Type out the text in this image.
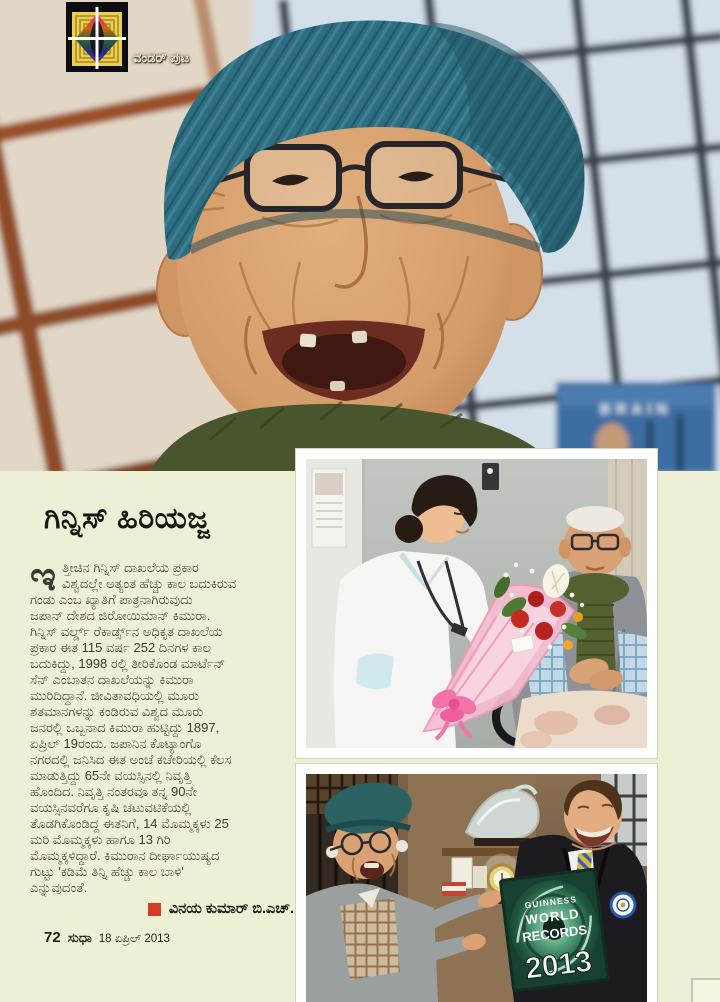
BRAIN
ವಂಡರ್ ಪುಟ
ಗಿನ್ನಿಸ್ ಹಿರಿಯಜ್ಜ
ಇ ತ್ತೀಚಿನ ಗಿನ್ನಿಸ್ ದಾಖಲೆಯ ಪ್ರಕಾರ
ವಿಶ್ವದಲ್ಲೇ ಅತ್ಯಂತ ಹೆಚ್ಚು ಕಾಲ ಬದುಕಿರುವ
ಗಂಡು ಎಂಬ ಖ್ಯಾತಿಗೆ ಪಾತ್ರನಾಗಿರುವುದು
ಜಪಾನ್ ದೇಶದ ಜಿರೋಯಿಮಾನ್ ಕಿಮುರಾ.
ಗಿನ್ನಿಸ್ ವರ್ಲ್ಡ್ ರೆಕಾರ್ಡ್ಸ್‌ನ ಅಧಿಕೃತ ದಾಖಲೆಯ
ಪ್ರಕಾರ ಈತ 115 ವರ್ಷ 252 ದಿನಗಳ ಕಾಲ
ಬದುಕಿದ್ದು, 1998 ರಲ್ಲಿ ತೀರಿಕೊಂಡ ಮಾರ್ಟೆನ್
ಸೆನ್ ಎಂಬಾತನ ದಾಖಲೆಯನ್ನು ಕಿಮುರಾ
ಮುರಿದಿದ್ದಾನೆ. ಜೀವಿತಾವಧಿಯಲ್ಲಿ ಮೂರು
ಶತಮಾನಗಳನ್ನು ಕಂಡಿರುವ ವಿಶ್ವದ ಮೂರು
ಜನರಲ್ಲಿ ಒಬ್ಬನಾದ ಕಿಮುರಾ ಹುಟ್ಟಿದ್ದು 1897,
ಏಪ್ರಿಲ್ 19ರಂದು. ಜಪಾನಿನ ಕೊಟ್ಯಾಂಗೊ
ನಗರದಲ್ಲಿ ಜನಿಸಿದ ಈತ ಅಂಚೆ ಕಚೇರಿಯಲ್ಲಿ ಕೆಲಸ
ಮಾಡುತ್ತಿದ್ದು 65ನೇ ವಯಸ್ಸಿನಲ್ಲಿ ನಿವೃತ್ತಿ
ಹೊಂದಿದ. ನಿವೃತ್ತಿ ನಂತರವೂ ತನ್ನ 90ನೇ
ವಯಸ್ಸಿನವರೆಗೂ ಕೃಷಿ ಚಟುವಟಿಕೆಯಲ್ಲಿ
ತೊಡಗಿಕೊಂಡಿದ್ದ ಈತನಿಗೆ, 14 ಮೊಮ್ಮಕ್ಕಳು 25
ಮರಿ ಮೊಮ್ಮಕ್ಕಳು ಹಾಗೂ 13 ಗಿರಿ
ಮೊಮ್ಮಕ್ಕಳಿದ್ದಾರೆ. ಕಿಮುರಾನ ದೀರ್ಘಾಯುಷ್ಯದ
ಗುಟ್ಟು 'ಕಡಿಮೆ ತಿನ್ನಿ ಹೆಚ್ಚು ಕಾಲ ಬಾಳಿ'
ಎನ್ನುವುದಂತೆ.
ವಿನಯ ಕುಮಾರ್ ಬಿ.ಎಚ್.	GUINNESS
WORLD
RECORDS
2013
72 ಸುಧಾ 18 ಏಪ್ರಿಲ್ 2013
